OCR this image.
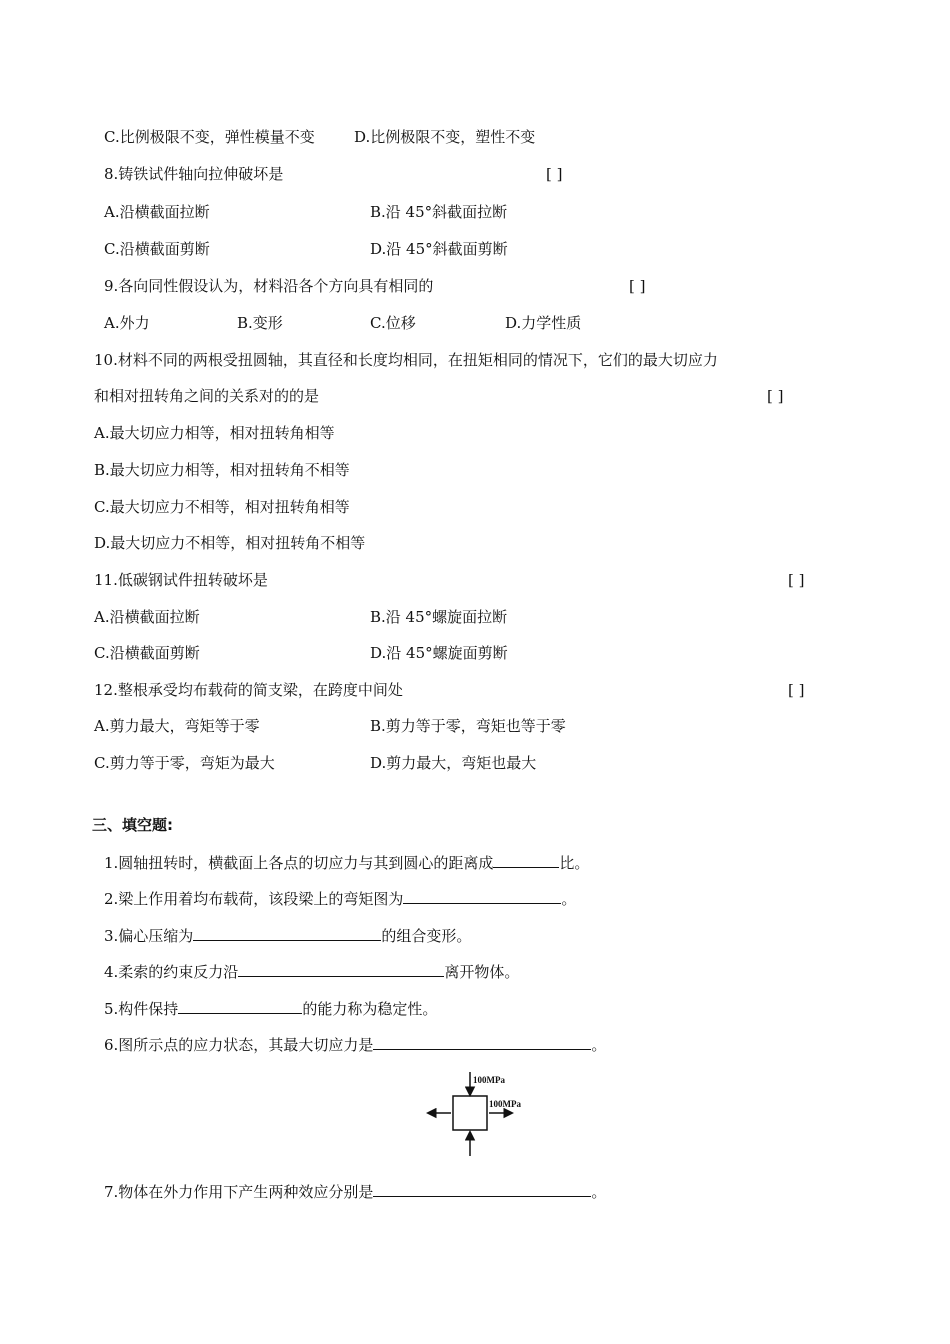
C.比例极限不变，弹性模量不变	D.比例极限不变，塑性不变
8.铸铁试件轴向拉伸破坏是	[ ]
A.沿横截面拉断	B.沿 45°斜截面拉断
C.沿横截面剪断	D.沿 45°斜截面剪断
9.各向同性假设认为，材料沿各个方向具有相同的	[ ]
A.外力	B.变形	C.位移	D.力学性质
10.材料不同的两根受扭圆轴，其直径和长度均相同，在扭矩相同的情况下，它们的最大切应力
和相对扭转角之间的关系对的的是	[ ]
A.最大切应力相等，相对扭转角相等
B.最大切应力相等，相对扭转角不相等
C.最大切应力不相等，相对扭转角相等
D.最大切应力不相等，相对扭转角不相等
11.低碳钢试件扭转破坏是	[ ]
A.沿横截面拉断	B.沿 45°螺旋面拉断
C.沿横截面剪断	D.沿 45°螺旋面剪断
12.整根承受均布载荷的简支梁，在跨度中间处	[ ]
A.剪力最大，弯矩等于零	B.剪力等于零，弯矩也等于零
C.剪力等于零，弯矩为最大	D.剪力最大，弯矩也最大
三、填空题:
1.圆轴扭转时，横截面上各点的切应力与其到圆心的距离成	比。
2.梁上作用着均布载荷，该段梁上的弯矩图为	。
3.偏心压缩为	的组合变形。
4.柔索的约束反力沿	离开物体。
5.构件保持	的能力称为稳定性。
6.图所示点的应力状态，其最大切应力是	。
100MPa
100MPa
7.物体在外力作用下产生两种效应分别是	。
